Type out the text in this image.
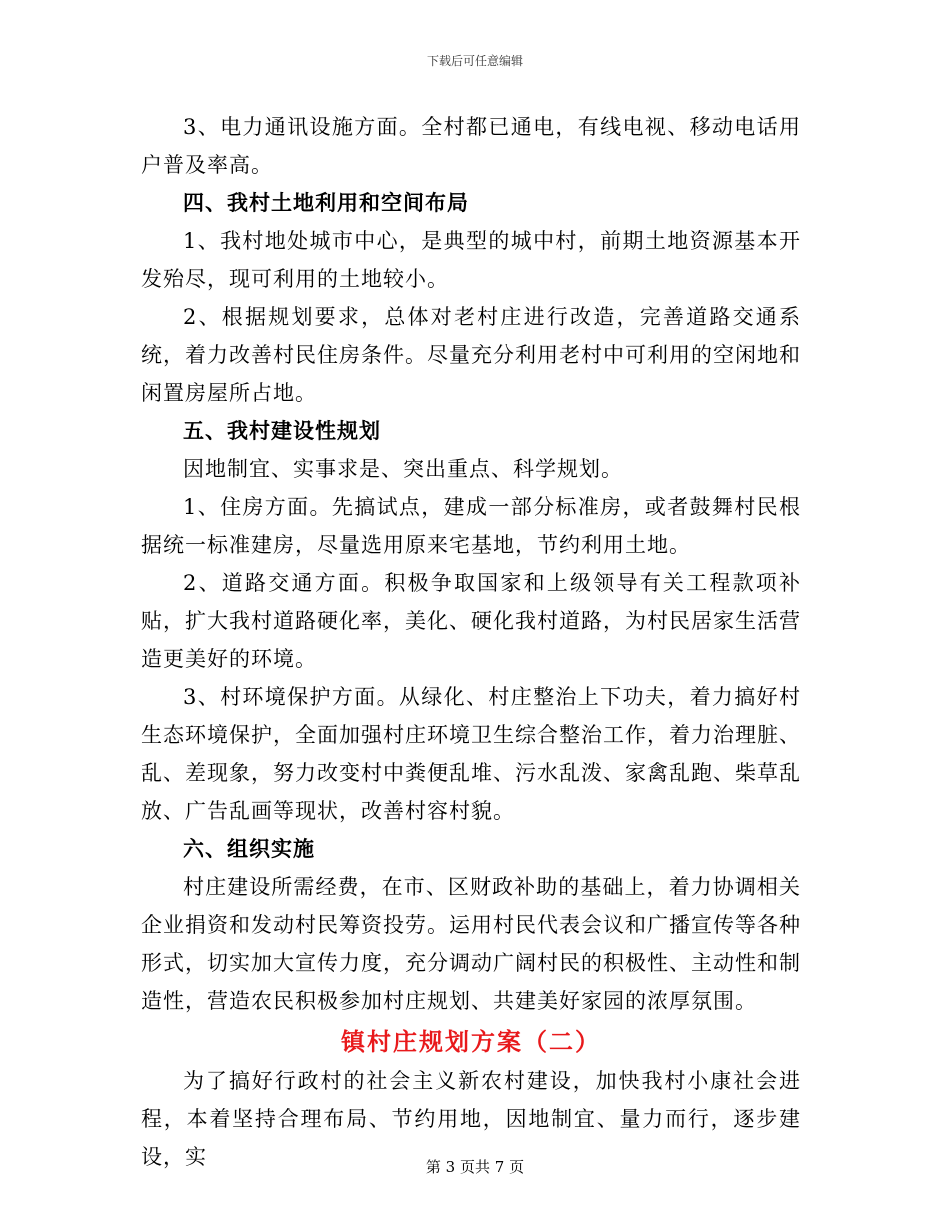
下载后可任意编辑

3、电力通讯设施方面。全村都已通电，有线电视、移动电话用户普及率高。

四、我村土地利用和空间布局

1、我村地处城市中心，是典型的城中村，前期土地资源基本开发殆尽，现可利用的土地较小。

2、根据规划要求，总体对老村庄进行改造，完善道路交通系统，着力改善村民住房条件。尽量充分利用老村中可利用的空闲地和闲置房屋所占地。

五、我村建设性规划

因地制宜、实事求是、突出重点、科学规划。

1、住房方面。先搞试点，建成一部分标准房，或者鼓舞村民根据统一标准建房，尽量选用原来宅基地，节约利用土地。

2、道路交通方面。积极争取国家和上级领导有关工程款项补贴，扩大我村道路硬化率，美化、硬化我村道路，为村民居家生活营造更美好的环境。

3、村环境保护方面。从绿化、村庄整治上下功夫，着力搞好村生态环境保护，全面加强村庄环境卫生综合整治工作，着力治理脏、乱、差现象，努力改变村中粪便乱堆、污水乱泼、家禽乱跑、柴草乱放、广告乱画等现状，改善村容村貌。

六、组织实施

村庄建设所需经费，在市、区财政补助的基础上，着力协调相关企业捐资和发动村民筹资投劳。运用村民代表会议和广播宣传等各种形式，切实加大宣传力度，充分调动广阔村民的积极性、主动性和制造性，营造农民积极参加村庄规划、共建美好家园的浓厚氛围。

镇村庄规划方案（二）

为了搞好行政村的社会主义新农村建设，加快我村小康社会进程，本着坚持合理布局、节约用地，因地制宜、量力而行，逐步建设，实	第 3 页共 7 页
